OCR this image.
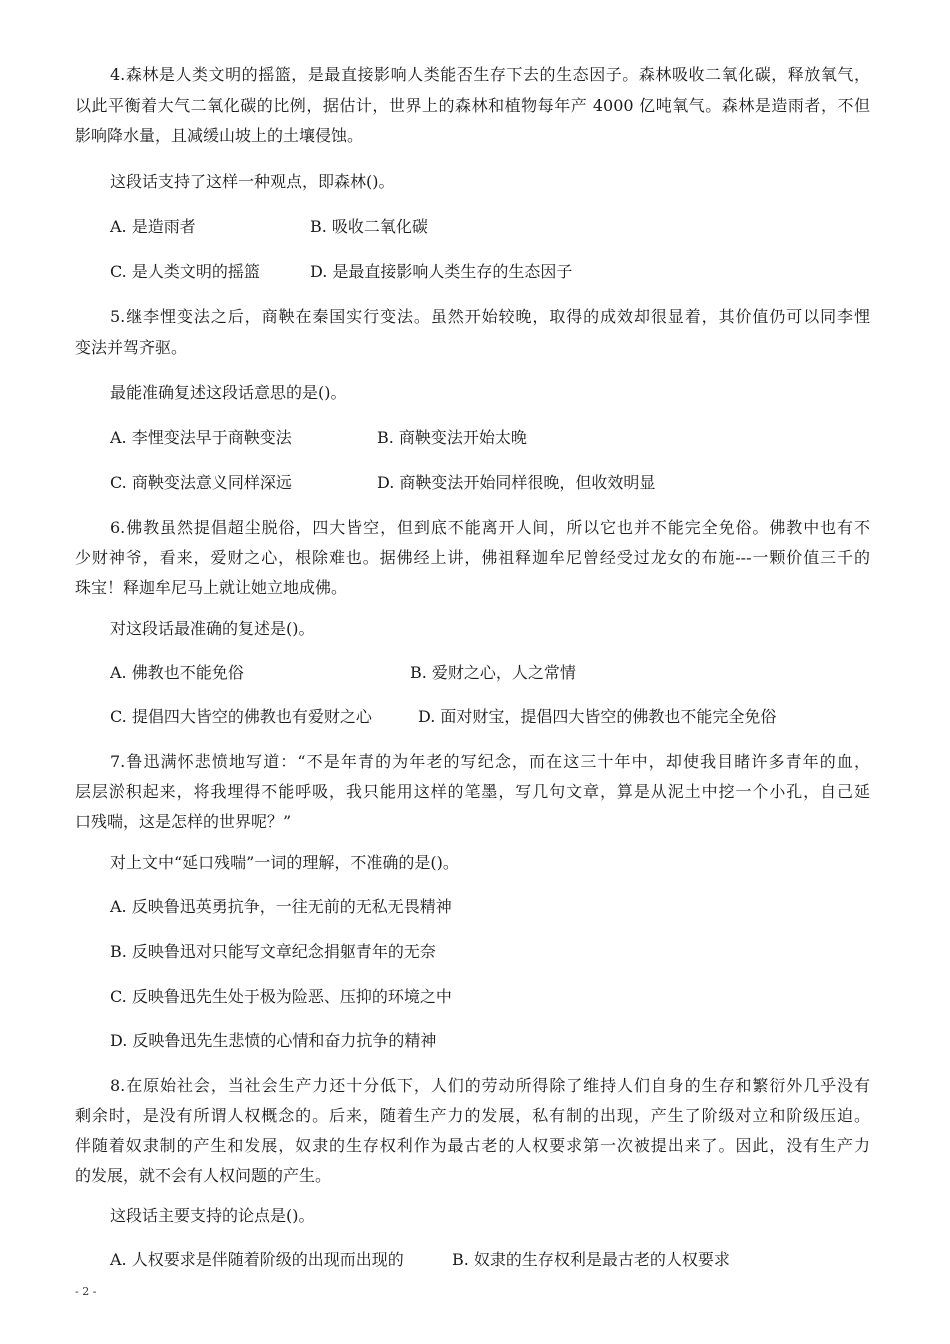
4.森林是人类文明的摇篮，是最直接影响人类能否生存下去的生态因子。森林吸收二氧化碳，释放氧气，
以此平衡着大气二氧化碳的比例，据估计，世界上的森林和植物每年产 4000 亿吨氧气。森林是造雨者，不但
影响降水量，且减缓山坡上的土壤侵蚀。
这段话支持了这样一种观点，即森林()。
A. 是造雨者	B. 吸收二氧化碳
C. 是人类文明的摇篮	D. 是最直接影响人类生存的生态因子
5.继李悝变法之后，商鞅在秦国实行变法。虽然开始较晚，取得的成效却很显着，其价值仍可以同李悝
变法并驾齐驱。
最能准确复述这段话意思的是()。
A. 李悝变法早于商鞅变法	B. 商鞅变法开始太晚
C. 商鞅变法意义同样深远	D. 商鞅变法开始同样很晚，但收效明显
6.佛教虽然提倡超尘脱俗，四大皆空，但到底不能离开人间，所以它也并不能完全免俗。佛教中也有不
少财神爷，看来，爱财之心，根除难也。据佛经上讲，佛祖释迦牟尼曾经受过龙女的布施---一颗价值三千的
珠宝！释迦牟尼马上就让她立地成佛。
对这段话最准确的复述是()。
A. 佛教也不能免俗	B. 爱财之心，人之常情
C. 提倡四大皆空的佛教也有爱财之心	D. 面对财宝，提倡四大皆空的佛教也不能完全免俗
7.鲁迅满怀悲愤地写道：“不是年青的为年老的写纪念，而在这三十年中，却使我目睹许多青年的血，
层层淤积起来，将我埋得不能呼吸，我只能用这样的笔墨，写几句文章，算是从泥土中挖一个小孔，自己延
口残喘，这是怎样的世界呢？”
对上文中“延口残喘”一词的理解，不准确的是()。
A. 反映鲁迅英勇抗争，一往无前的无私无畏精神
B. 反映鲁迅对只能写文章纪念捐躯青年的无奈
C. 反映鲁迅先生处于极为险恶、压抑的环境之中
D. 反映鲁迅先生悲愤的心情和奋力抗争的精神
8.在原始社会，当社会生产力还十分低下，人们的劳动所得除了维持人们自身的生存和繁衍外几乎没有
剩余时，是没有所谓人权概念的。后来，随着生产力的发展，私有制的出现，产生了阶级对立和阶级压迫。
伴随着奴隶制的产生和发展，奴隶的生存权利作为最古老的人权要求第一次被提出来了。因此，没有生产力
的发展，就不会有人权问题的产生。
这段话主要支持的论点是()。
A. 人权要求是伴随着阶级的出现而出现的	B. 奴隶的生存权利是最古老的人权要求
- 2 -
